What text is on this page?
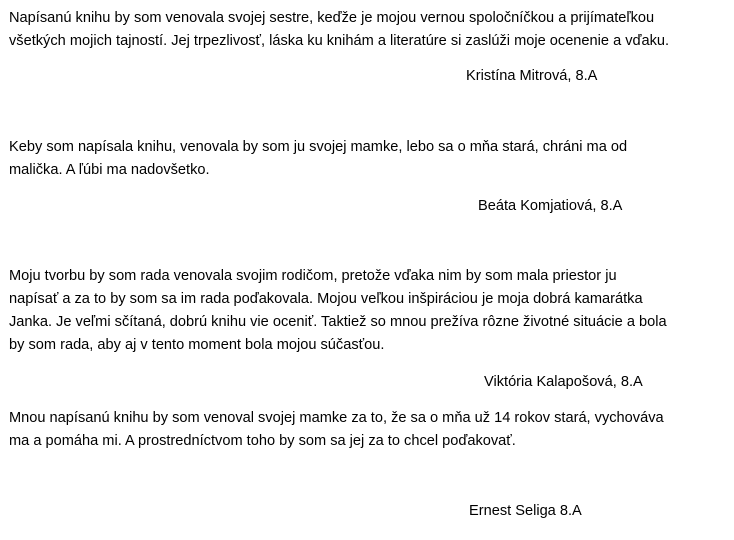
Napísanú knihu by som venovala svojej sestre, keďže je mojou vernou spoločníčkou a prijímateľkou
všetkých mojich tajností. Jej trpezlivosť, láska ku knihám a literatúre si zaslúži moje ocenenie a vďaku.

Kristína Mitrová, 8.A

Keby som napísala knihu, venovala by som ju svojej mamke, lebo sa o mňa stará, chráni ma od
malička. A ľúbi ma nadovšetko.

Beáta Komjatiová, 8.A

Moju tvorbu by som rada venovala svojim rodičom, pretože vďaka nim by som mala priestor ju
napísať a za to by som sa im rada poďakovala. Mojou veľkou inšpiráciou je moja dobrá kamarátka
Janka. Je veľmi sčítaná, dobrú knihu vie oceniť. Taktiež so mnou prežíva rôzne životné situácie a bola
by som rada, aby aj v tento moment bola mojou súčasťou.

Viktória Kalapošová, 8.A

Mnou napísanú knihu by som venoval svojej mamke za to, že sa o mňa už 14 rokov stará, vychováva
ma a pomáha mi. A prostredníctvom toho by som sa jej za to chcel poďakovať.

Ernest Seliga 8.A
